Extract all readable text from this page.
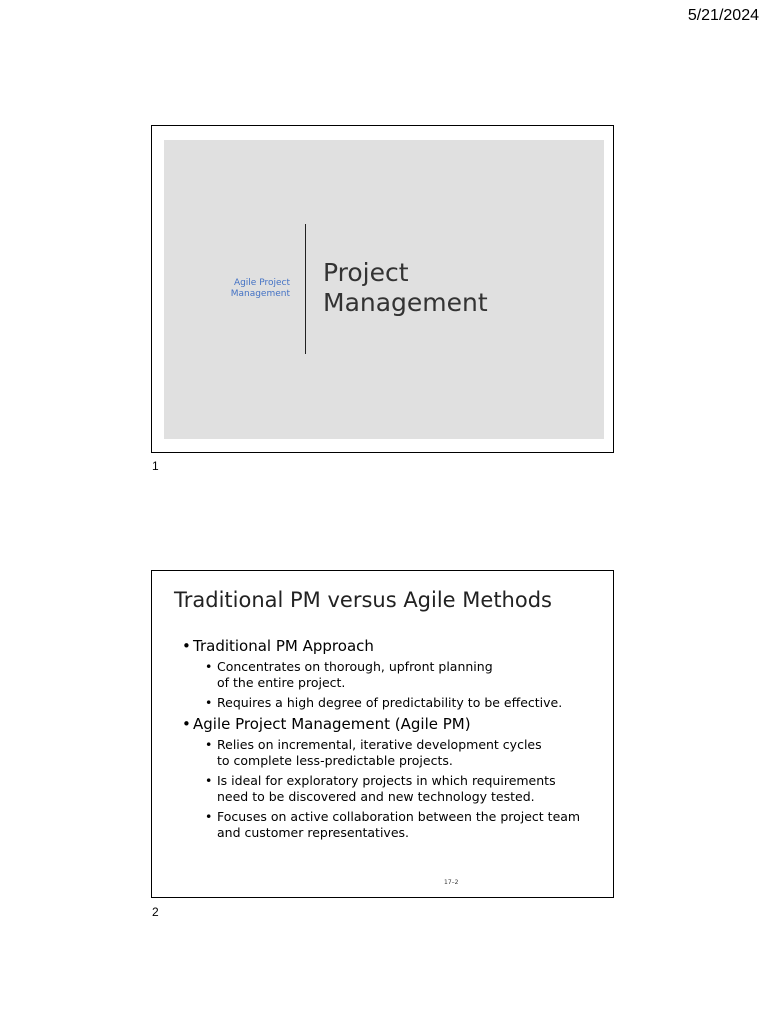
5/21/2024
Agile Project
Management
Project
Management
1
Traditional PM versus Agile Methods
• Traditional PM Approach
• Concentrates on thorough, upfront planning
of the entire project.
• Requires a high degree of predictability to be effective.
• Agile Project Management (Agile PM)
• Relies on incremental, iterative development cycles
to complete less-predictable projects.
• Is ideal for exploratory projects in which requirements
need to be discovered and new technology tested.
• Focuses on active collaboration between the project team
and customer representatives.
17–2
2
